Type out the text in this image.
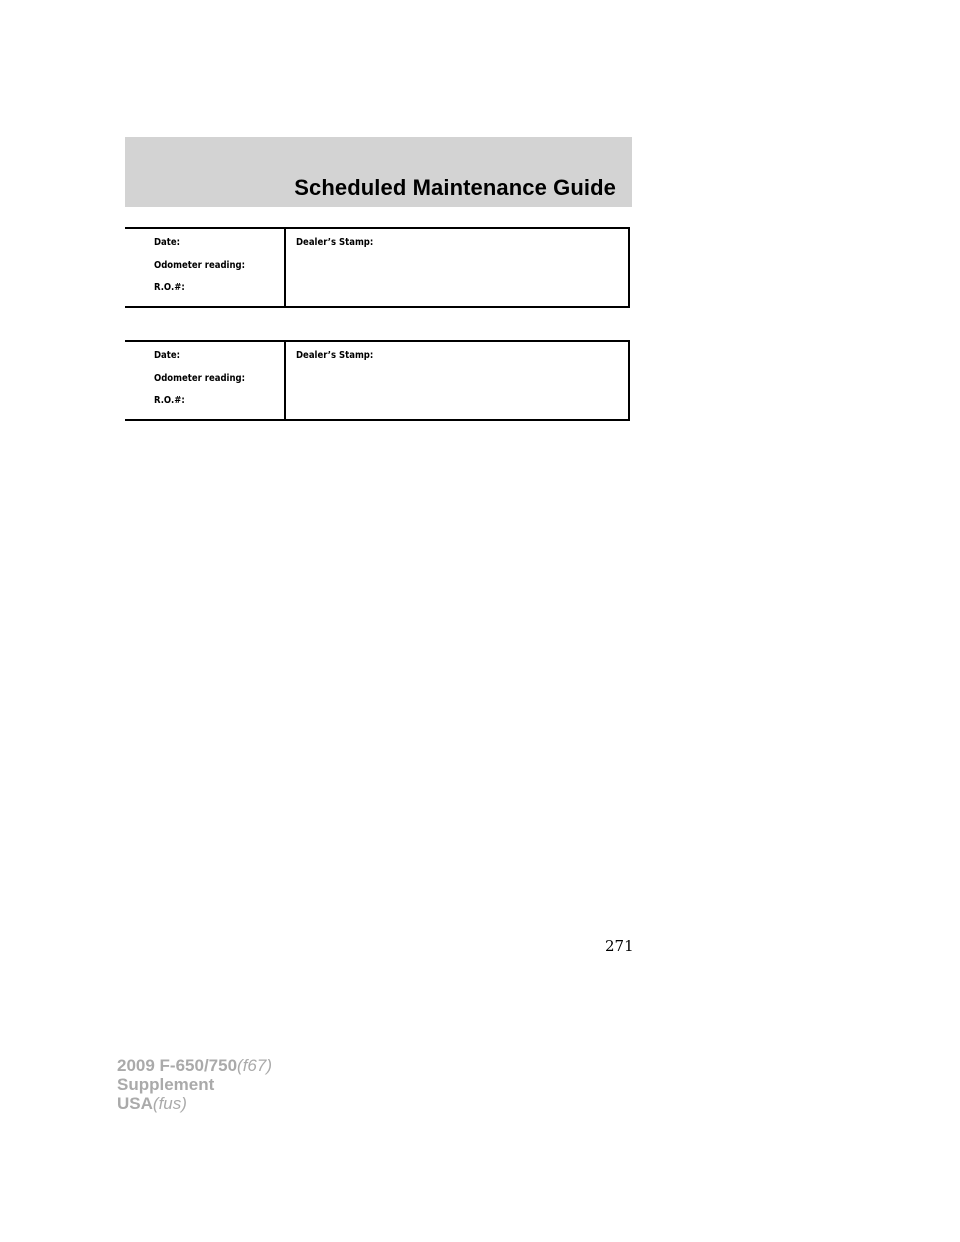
Scheduled Maintenance Guide
Date:
Odometer reading:
R.O.#:
Dealer’s Stamp:
Date:
Odometer reading:
R.O.#:
Dealer’s Stamp:
271
2009 F-650/750(f67)
Supplement
USA(fus)
